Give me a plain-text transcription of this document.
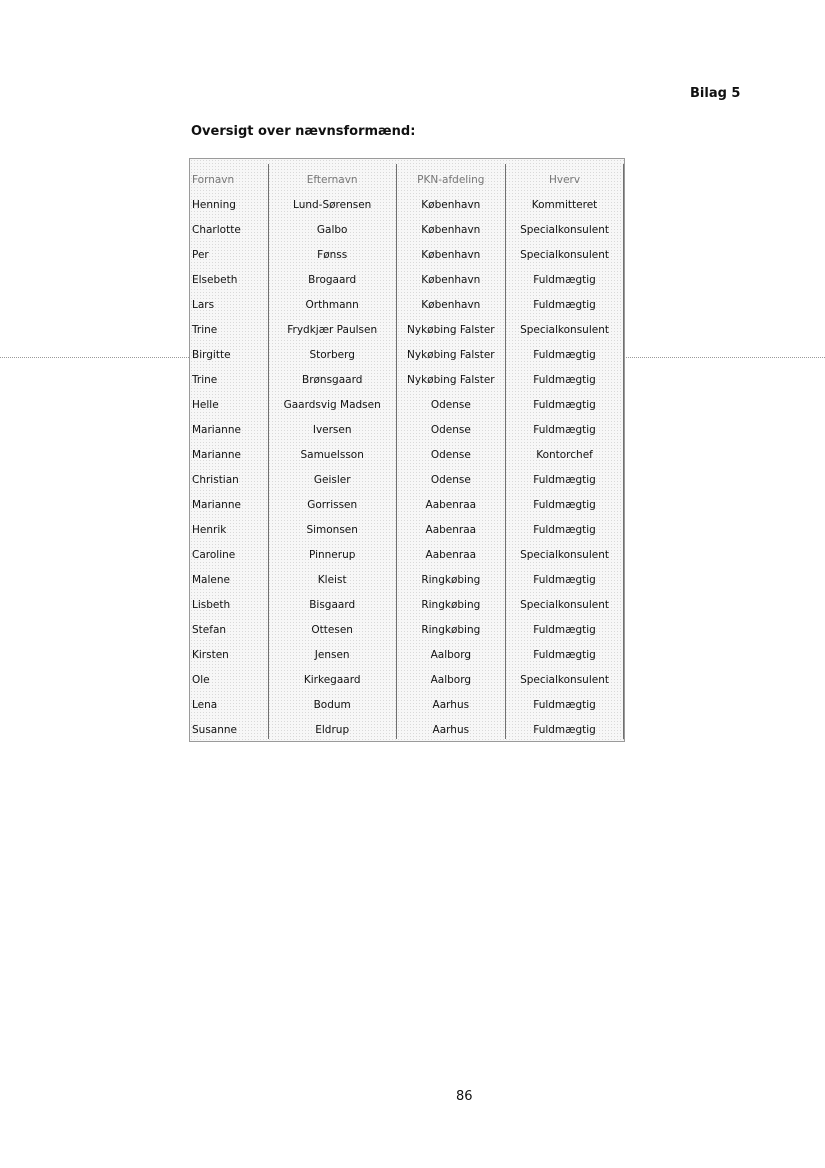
Bilag 5
Oversigt over nævnsformænd:
Fornavn	Efternavn	PKN-afdeling	Hverv
Henning	Lund-Sørensen	København	Kommitteret
Charlotte	Galbo	København	Specialkonsulent
Per	Fønss	København	Specialkonsulent
Elsebeth	Brogaard	København	Fuldmægtig
Lars	Orthmann	København	Fuldmægtig
Trine	Frydkjær Paulsen	Nykøbing Falster	Specialkonsulent
Birgitte	Storberg	Nykøbing Falster	Fuldmægtig
Trine	Brønsgaard	Nykøbing Falster	Fuldmægtig
Helle	Gaardsvig Madsen	Odense	Fuldmægtig
Marianne	Iversen	Odense	Fuldmægtig
Marianne	Samuelsson	Odense	Kontorchef
Christian	Geisler	Odense	Fuldmægtig
Marianne	Gorrissen	Aabenraa	Fuldmægtig
Henrik	Simonsen	Aabenraa	Fuldmægtig
Caroline	Pinnerup	Aabenraa	Specialkonsulent
Malene	Kleist	Ringkøbing	Fuldmægtig
Lisbeth	Bisgaard	Ringkøbing	Specialkonsulent
Stefan	Ottesen	Ringkøbing	Fuldmægtig
Kirsten	Jensen	Aalborg	Fuldmægtig
Ole	Kirkegaard	Aalborg	Specialkonsulent
Lena	Bodum	Aarhus	Fuldmægtig
Susanne	Eldrup	Aarhus	Fuldmægtig
86
